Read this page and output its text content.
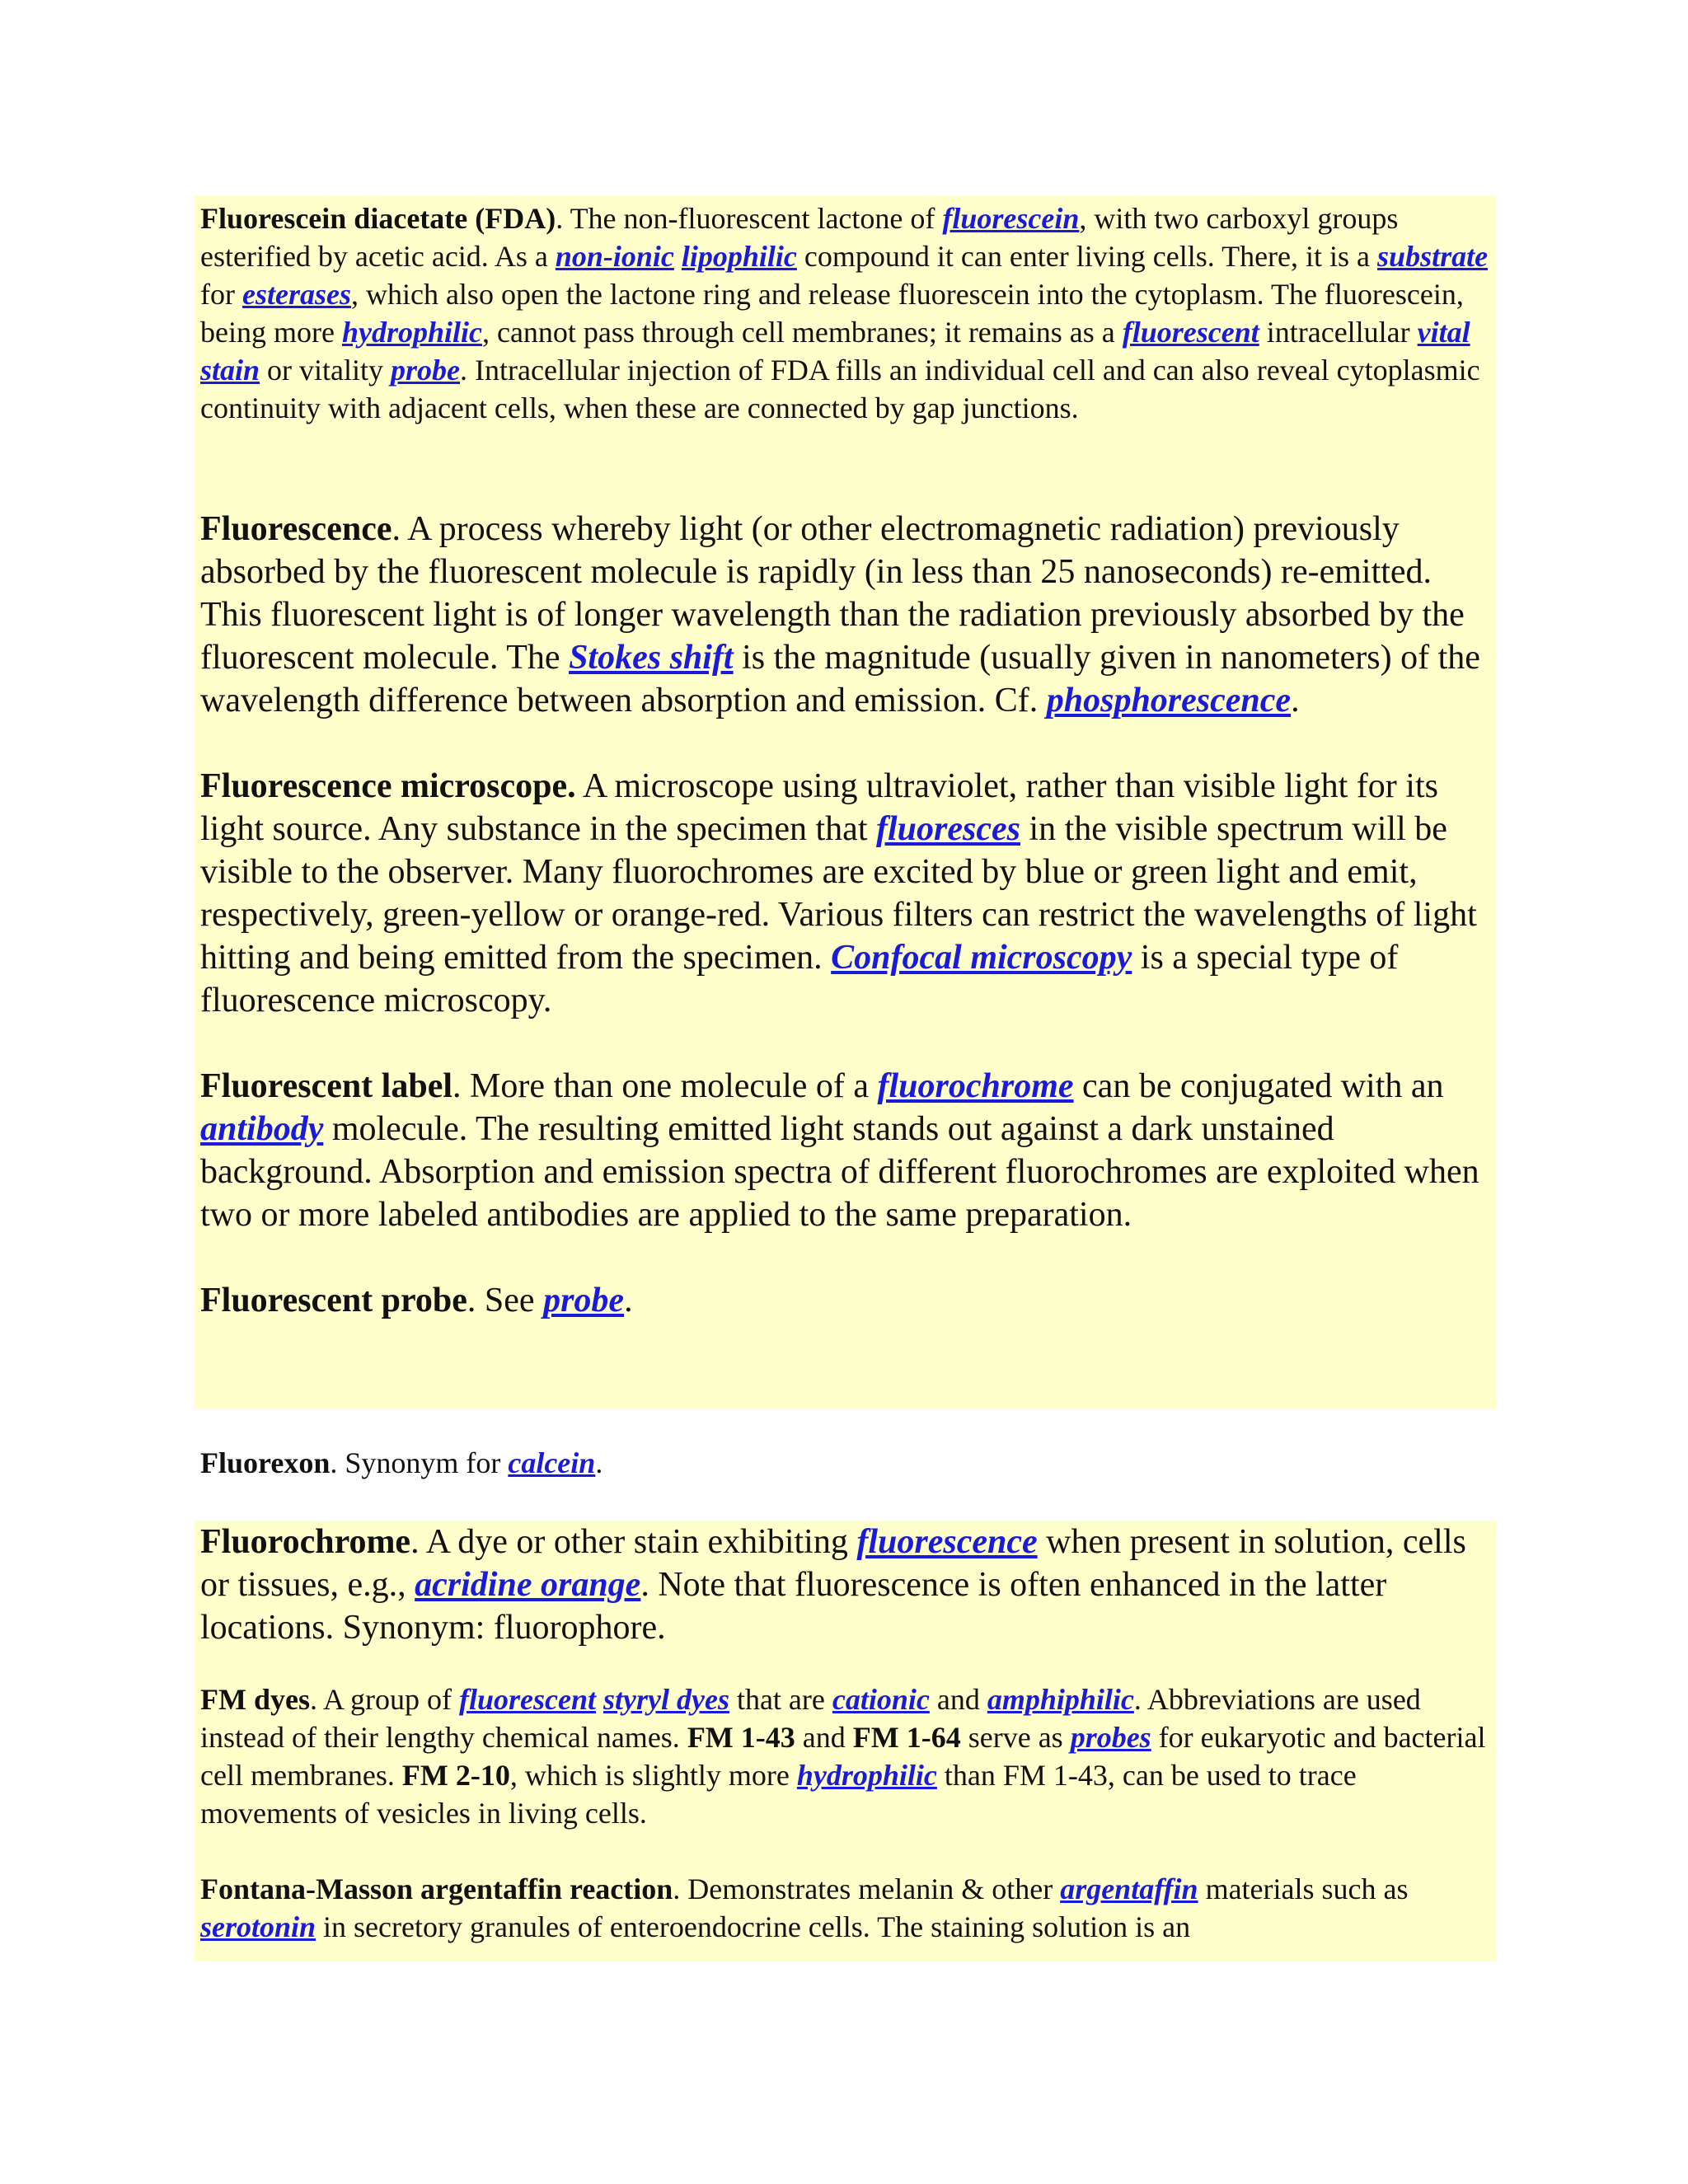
Fluorescein diacetate (FDA). The non-fluorescent lactone of fluorescein, with two carboxyl groups esterified by acetic acid. As a non-ionic lipophilic compound it can enter living cells. There, it is a substrate for esterases, which also open the lactone ring and release fluorescein into the cytoplasm. The fluorescein, being more hydrophilic, cannot pass through cell membranes; it remains as a fluorescent intracellular vital stain or vitality probe. Intracellular injection of FDA fills an individual cell and can also reveal cytoplasmic continuity with adjacent cells, when these are connected by gap junctions.

Fluorescence. A process whereby light (or other electromagnetic radiation) previously absorbed by the fluorescent molecule is rapidly (in less than 25 nanoseconds) re-emitted. This fluorescent light is of longer wavelength than the radiation previously absorbed by the fluorescent molecule. The Stokes shift is the magnitude (usually given in nanometers) of the wavelength difference between absorption and emission. Cf. phosphorescence.

Fluorescence microscope. A microscope using ultraviolet, rather than visible light for its light source. Any substance in the specimen that fluoresces in the visible spectrum will be visible to the observer. Many fluorochromes are excited by blue or green light and emit, respectively, green-yellow or orange-red. Various filters can restrict the wavelengths of light hitting and being emitted from the specimen. Confocal microscopy is a special type of fluorescence microscopy.

Fluorescent label. More than one molecule of a fluorochrome can be conjugated with an antibody molecule. The resulting emitted light stands out against a dark unstained background. Absorption and emission spectra of different fluorochromes are exploited when two or more labeled antibodies are applied to the same preparation.

Fluorescent probe. See probe.

Fluorexon. Synonym for calcein.

Fluorochrome. A dye or other stain exhibiting fluorescence when present in solution, cells or tissues, e.g., acridine orange. Note that fluorescence is often enhanced in the latter locations. Synonym: fluorophore.

FM dyes. A group of fluorescent styryl dyes that are cationic and amphiphilic. Abbreviations are used instead of their lengthy chemical names. FM 1-43 and FM 1-64 serve as probes for eukaryotic and bacterial cell membranes. FM 2-10, which is slightly more hydrophilic than FM 1-43, can be used to trace movements of vesicles in living cells.

Fontana-Masson argentaffin reaction. Demonstrates melanin & other argentaffin materials such as serotonin in secretory granules of enteroendocrine cells. The staining solution is an
